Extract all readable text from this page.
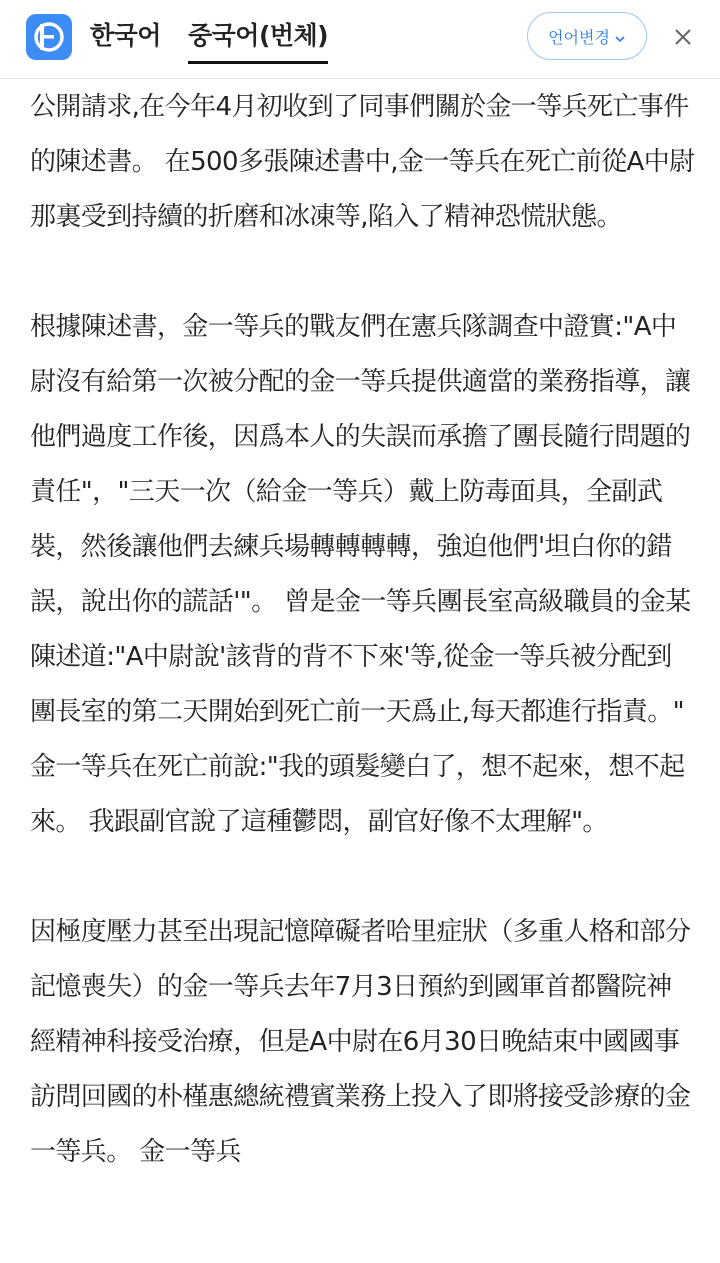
한국어 중국어(번체)	언어변경

公開請求,在今年4月初收到了同事們關於金一等兵死亡事件的陳述書。 在500多張陳述書中,金一等兵在死亡前從A中尉那裏受到持續的折磨和冰凍等,陷入了精神恐慌狀態。

根據陳述書，金一等兵的戰友們在憲兵隊調查中證實:"A中尉沒有給第一次被分配的金一等兵提供適當的業務指導，讓他們過度工作後，因爲本人的失誤而承擔了團長隨行問題的責任"，"三天一次（給金一等兵）戴上防毒面具，全副武裝，然後讓他們去練兵場轉轉轉轉，強迫他們'坦白你的錯誤，說出你的謊話'"。 曾是金一等兵團長室高級職員的金某陳述道:"A中尉說'該背的背不下來'等,從金一等兵被分配到團長室的第二天開始到死亡前一天爲止,每天都進行指責。" 金一等兵在死亡前說:"我的頭髮變白了，想不起來，想不起來。 我跟副官說了這種鬱悶，副官好像不太理解"。

因極度壓力甚至出現記憶障礙者哈里症狀（多重人格和部分記憶喪失）的金一等兵去年7月3日預約到國軍首都醫院神經精神科接受治療，但是A中尉在6月30日晚結束中國國事訪問回國的朴槿惠總統禮賓業務上投入了即將接受診療的金一等兵。 金一等兵
